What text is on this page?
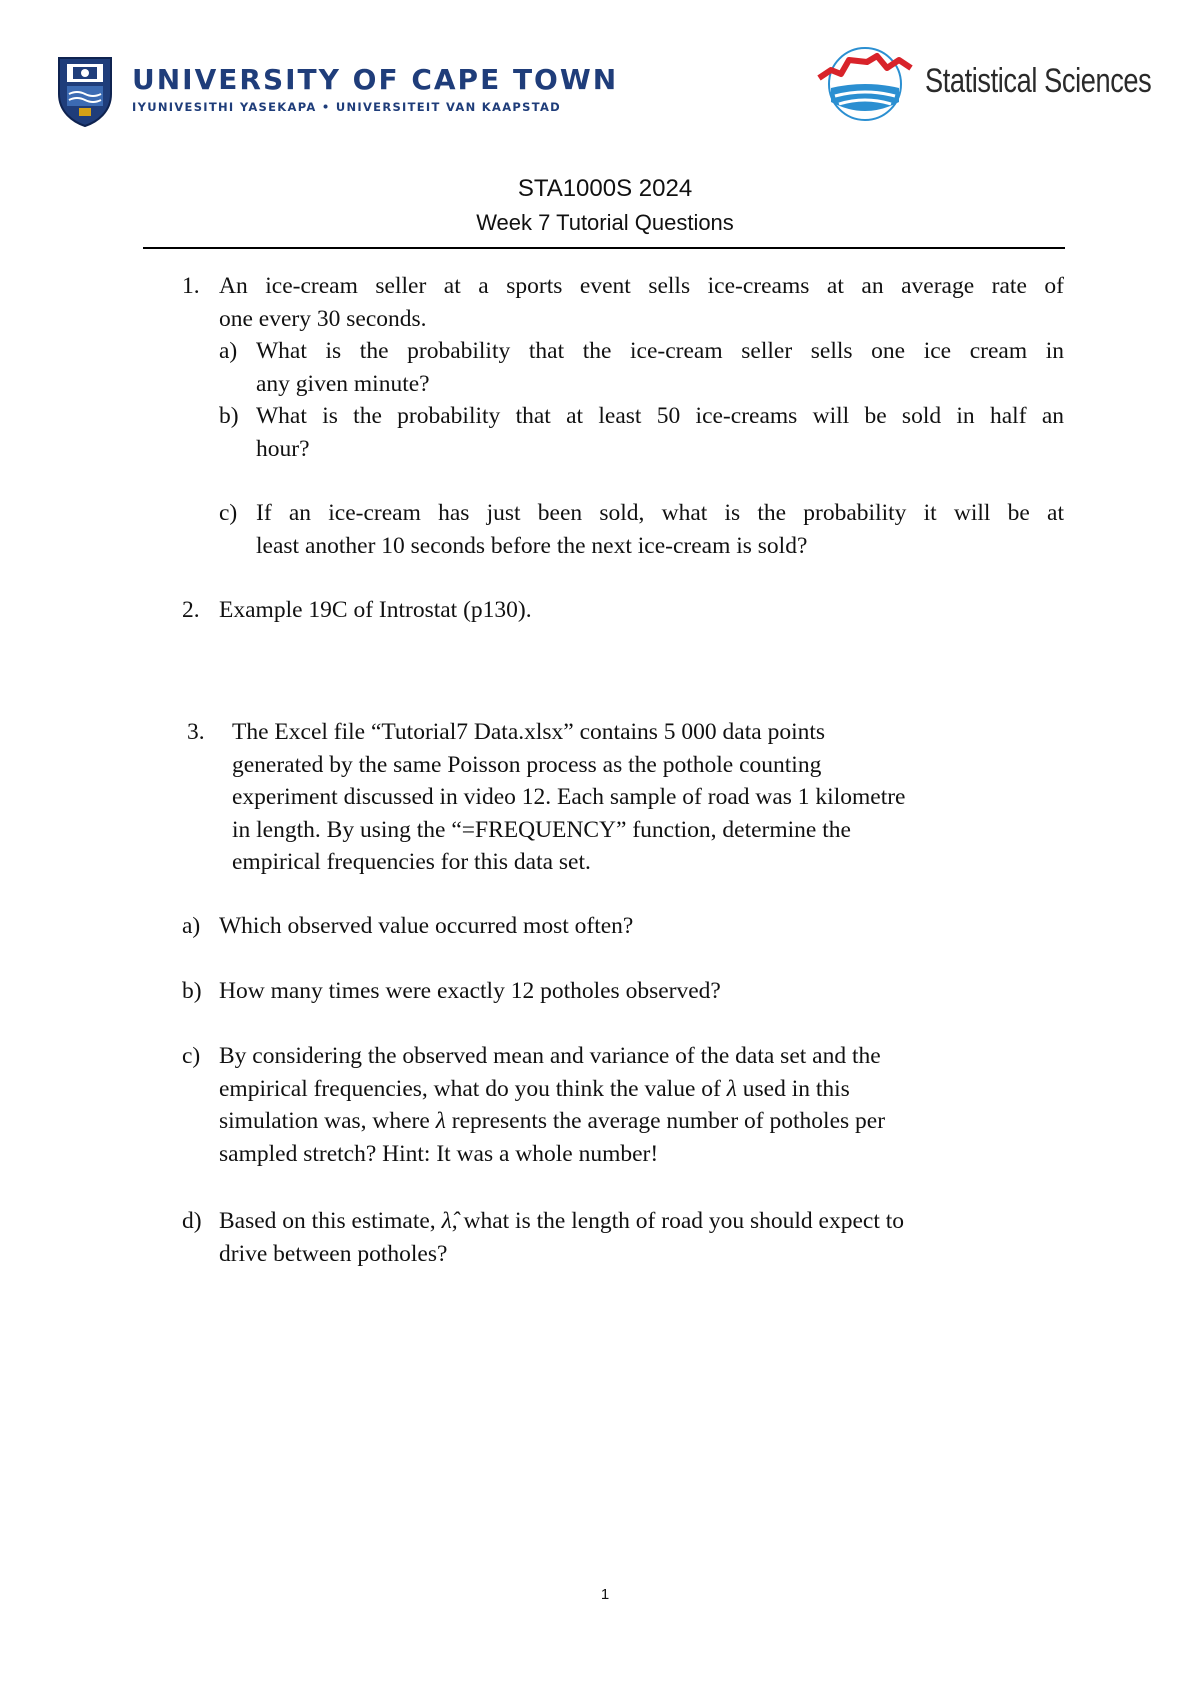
UNIVERSITY OF CAPE TOWN
IYUNIVESITHI YASEKAPA • UNIVERSITEIT VAN KAAPSTAD
Statistical Sciences
STA1000S 2024
Week 7 Tutorial Questions
1. An ice-cream seller at a sports event sells ice-creams at an average rate of
one every 30 seconds.
a) What is the probability that the ice-cream seller sells one ice cream in
any given minute?
b) What is the probability that at least 50 ice-creams will be sold in half an
hour?
c) If an ice-cream has just been sold, what is the probability it will be at
least another 10 seconds before the next ice-cream is sold?
2. Example 19C of Introstat (p130).
3. The Excel file “Tutorial7 Data.xlsx” contains 5 000 data points
generated by the same Poisson process as the pothole counting
experiment discussed in video 12. Each sample of road was 1 kilometre
in length. By using the “=FREQUENCY” function, determine the
empirical frequencies for this data set.
a) Which observed value occurred most often?
b) How many times were exactly 12 potholes observed?
c) By considering the observed mean and variance of the data set and the
empirical frequencies, what do you think the value of λ used in this
simulation was, where λ represents the average number of potholes per
sampled stretch? Hint: It was a whole number!
d) Based on this estimate, λ̂, what is the length of road you should expect to
drive between potholes?
1
